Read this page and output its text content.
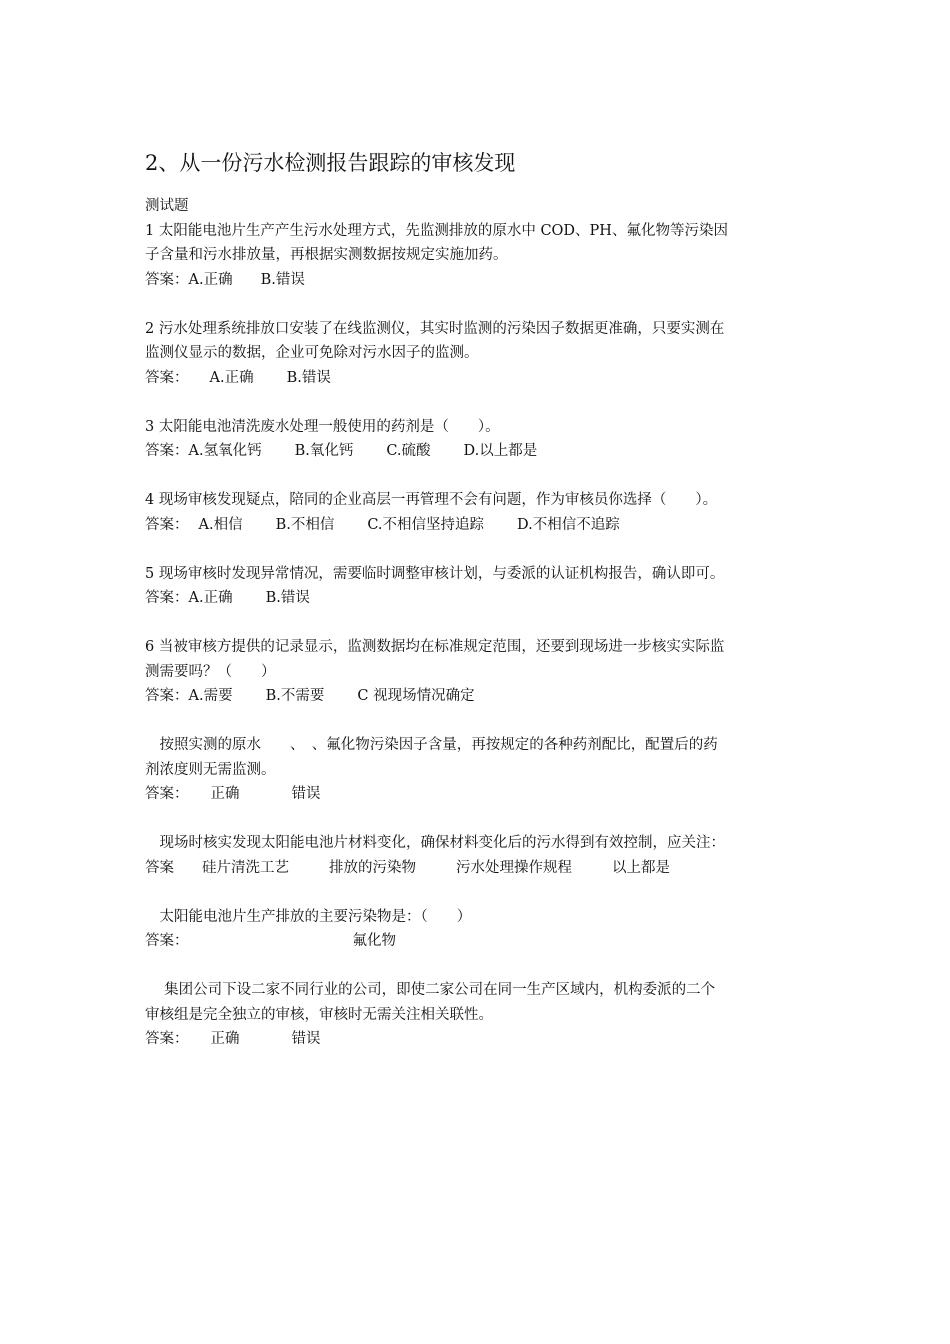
2、从一份污水检测报告跟踪的审核发现
测试题
1 太阳能电池片生产产生污水处理方式，先监测排放的原水中 COD、PH、氟化物等污染因
子含量和污水排放量，再根据实测数据按规定实施加药。
答案：A.正确 B.错误
2 污水处理系统排放口安装了在线监测仪，其实时监测的污染因子数据更准确，只要实测在
监测仪显示的数据，企业可免除对污水因子的监测。
答案： A.正确 B.错误
3 太阳能电池清洗废水处理一般使用的药剂是（　　）。
答案：A.氢氧化钙 B.氧化钙 C.硫酸 D.以上都是
4 现场审核发现疑点，陪同的企业高层一再管理不会有问题，作为审核员你选择（　　）。
答案： A.相信 B.不相信 C.不相信坚持追踪 D.不相信不追踪
5 现场审核时发现异常情况，需要临时调整审核计划，与委派的认证机构报告，确认即可。
答案：A.正确 B.错误
6 当被审核方提供的记录显示，监测数据均在标准规定范围，还要到现场进一步核实实际监
测需要吗？（　　）
答案：A.需要 B.不需要 C 视现场情况确定
　按照实测的原水　　、　、氟化物污染因子含量，再按规定的各种药剂配比，配置后的药
剂浓度则无需监测。
答案： 正确	错误
　现场时核实发现太阳能电池片材料变化，确保材料变化后的污水得到有效控制，应关注：
答案 硅片清洗工艺	排放的污染物	污水处理操作规程	以上都是
　太阳能电池片生产排放的主要污染物是：（　　）
答案：	氟化物
　 集团公司下设二家不同行业的公司，即使二家公司在同一生产区域内，机构委派的二个
审核组是完全独立的审核，审核时无需关注相关联性。
答案： 正确	错误
